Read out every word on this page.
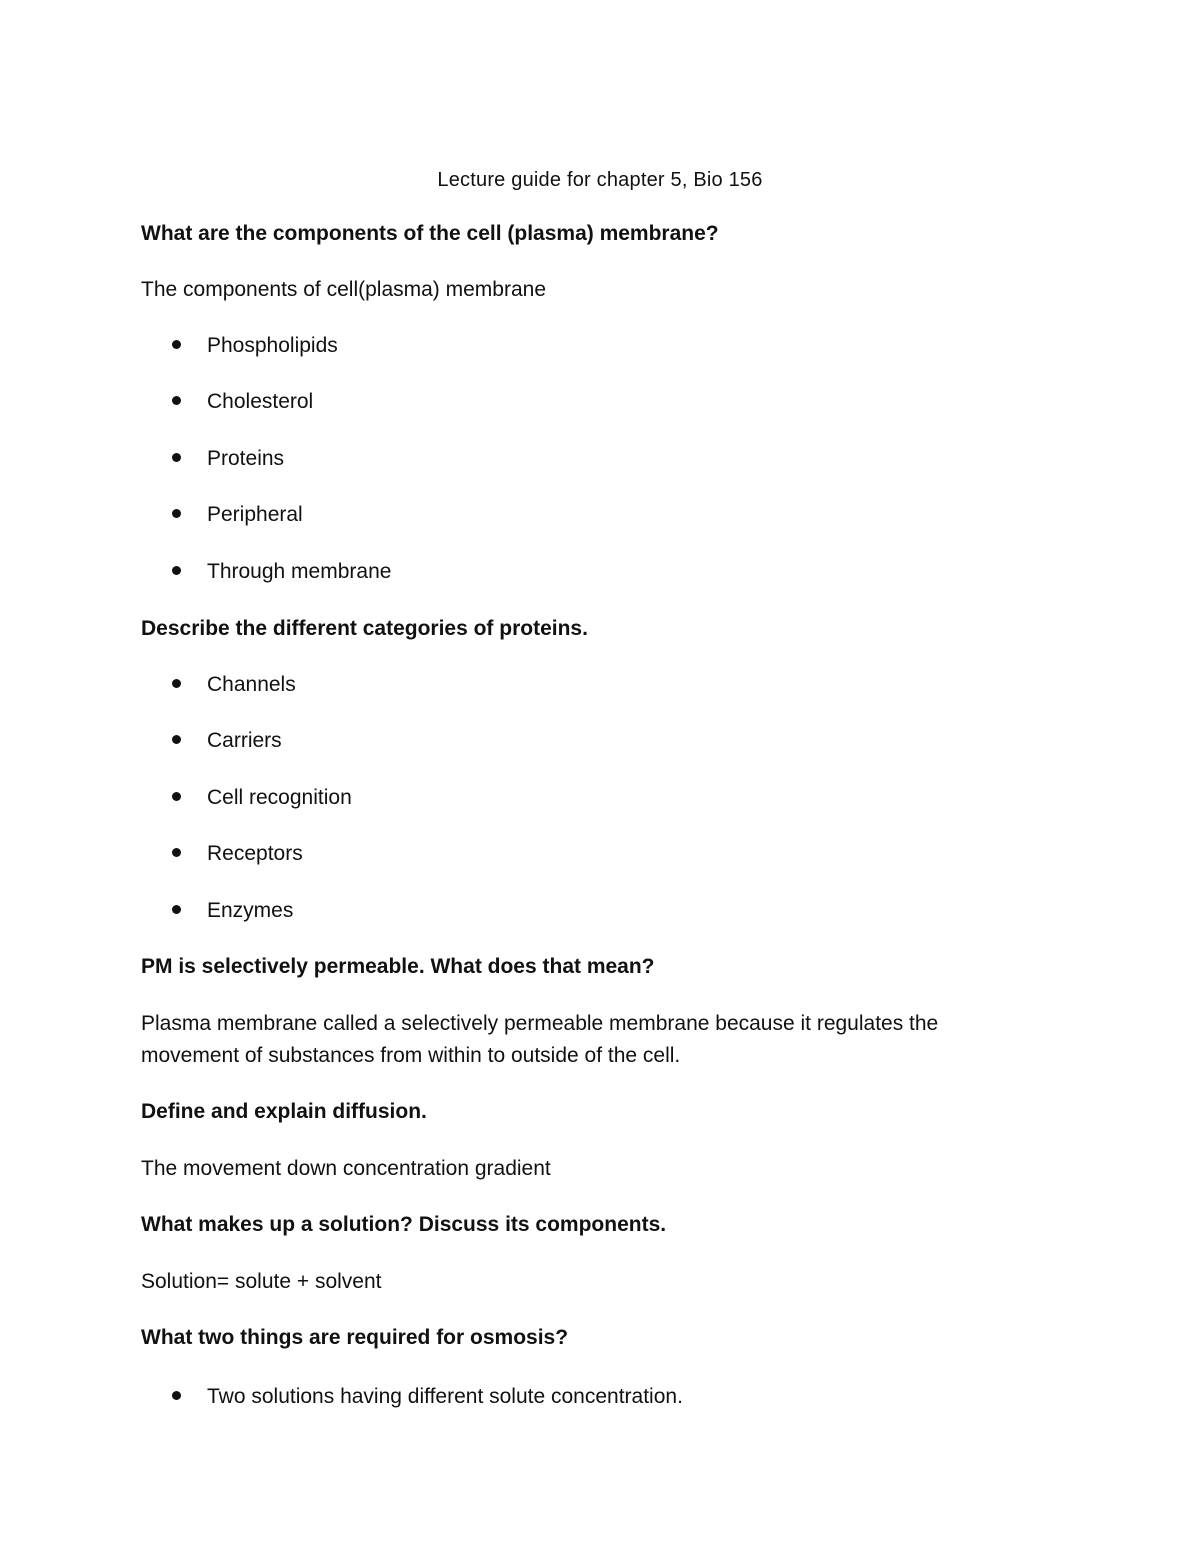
Lecture guide for chapter 5, Bio 156

What are the components of the cell (plasma) membrane?

The components of cell(plasma) membrane

Phospholipids
Cholesterol
Proteins
Peripheral
Through membrane

Describe the different categories of proteins.

Channels
Carriers
Cell recognition
Receptors
Enzymes

PM is selectively permeable. What does that mean?

Plasma membrane called a selectively permeable membrane because it regulates the movement of substances from within to outside of the cell.

Define and explain diffusion.

The movement down concentration gradient

What makes up a solution? Discuss its components.

Solution= solute + solvent

What two things are required for osmosis?

Two solutions having different solute concentration.
